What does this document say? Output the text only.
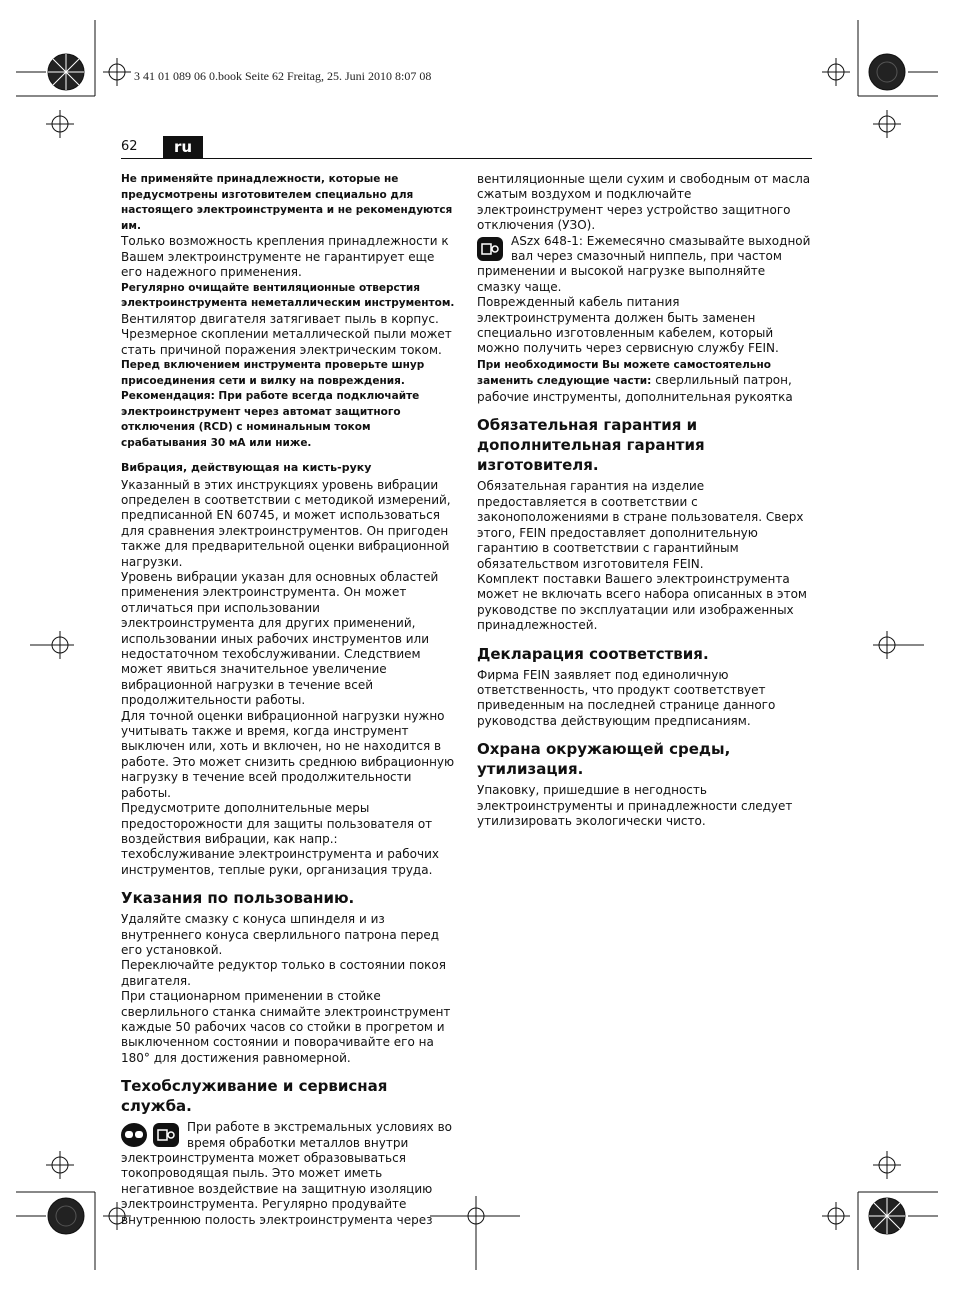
3 41 01 089 06 0.book Seite 62 Freitag, 25. Juni 2010 8:07 08
62	ru

Не применяйте принадлежности, которые не предусмотрены изготовителем специально для настоящего электроинструмента и не рекомендуются им.

Только возможность крепления принадлежности к Вашем электроинструменте не гарантирует еще его надежного применения.

Регулярно очищайте вентиляционные отверстия электроинструмента неметаллическим инструментом.

Вентилятор двигателя затягивает пыль в корпус. Чрезмерное скоплении металлической пыли может стать причиной поражения электрическим током.

Перед включением инструмента проверьте шнур присоединения сети и вилку на повреждения.

Рекомендация: При работе всегда подключайте электроинструмент через автомат защитного отключения (RCD) с номинальным током срабатывания 30 мА или ниже.

Вибрация, действующая на кисть-руку

Указанный в этих инструкциях уровень вибрации определен в соответствии с методикой измерений, предписанной EN 60745, и может использоваться для сравнения электроинструментов. Он пригоден также для предварительной оценки вибрационной нагрузки.

Уровень вибрации указан для основных областей применения электроинструмента. Он может отличаться при использовании электроинструмента для других применений, использовании иных рабочих инструментов или недостаточном техобслуживании. Следствием может явиться значительное увеличение вибрационной нагрузки в течение всей продолжительности работы.

Для точной оценки вибрационной нагрузки нужно учитывать также и время, когда инструмент выключен или, хоть и включен, но не находится в работе. Это может снизить среднюю вибрационную нагрузку в течение всей продолжительности работы.

Предусмотрите дополнительные меры предосторожности для защиты пользователя от воздействия вибрации, как напр.: техобслуживание электроинструмента и рабочих инструментов, теплые руки, организация труда.

Указания по пользованию.

Удаляйте смазку с конуса шпинделя и из внутреннего конуса сверлильного патрона перед его установкой.

Переключайте редуктор только в состоянии покоя двигателя.

При стационарном применении в стойке сверлильного станка снимайте электроинструмент каждые 50 рабочих часов со стойки в прогретом и выключенном состоянии и поворачивайте его на 180° для достижения равномерной.

Техобслуживание и сервисная служба.

При работе в экстремальных условиях во время обработки металлов внутри электроинструмента может образовываться токопроводящая пыль. Это может иметь негативное воздействие на защитную изоляцию электроинструмента. Регулярно продувайте внутреннюю полость электроинструмента через

вентиляционные щели сухим и свободным от масла сжатым воздухом и подключайте электроинструмент через устройство защитного отключения (УЗО).

ASzx 648-1: Ежемесячно смазывайте выходной вал через смазочный ниппель, при частом применении и высокой нагрузке выполняйте смазку чаще.

Поврежденный кабель питания электроинструмента должен быть заменен специально изготовленным кабелем, который можно получить через сервисную службу FEIN.

При необходимости Вы можете самостоятельно заменить следующие части: сверлильный патрон, рабочие инструменты, дополнительная рукоятка

Обязательная гарантия и дополнительная гарантия изготовителя.

Обязательная гарантия на изделие предоставляется в соответствии с законоположениями в стране пользователя. Сверх этого, FEIN предоставляет дополнительную гарантию в соответствии с гарантийным обязательством изготовителя FEIN.

Комплект поставки Вашего электроинструмента может не включать всего набора описанных в этом руководстве по эксплуатации или изображенных принадлежностей.

Декларация соответствия.

Фирма FEIN заявляет под единоличную ответственность, что продукт соответствует приведенным на последней странице данного руководства действующим предписаниям.

Охрана окружающей среды, утилизация.

Упаковку, пришедшие в негодность электроинструменты и принадлежности следует утилизировать экологически чисто.
